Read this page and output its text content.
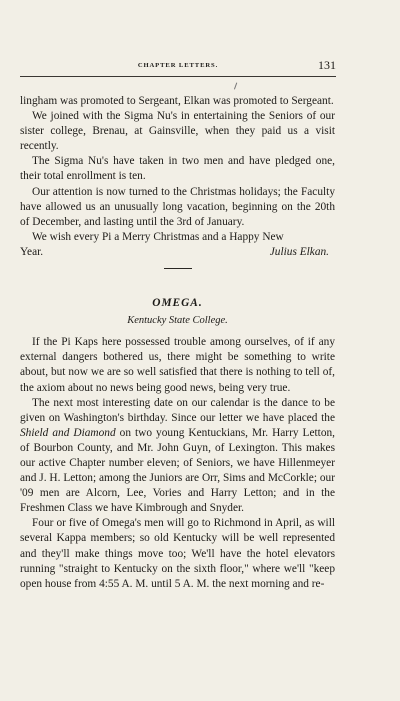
CHAPTER LETTERS.	131

lingham was promoted to Sergeant, Elkan was promoted to Sergeant.

We joined with the Sigma Nu's in entertaining the Seniors of our sister college, Brenau, at Gainsville, when they paid us a visit recently.

The Sigma Nu's have taken in two men and have pledged one, their total enrollment is ten.

Our attention is now turned to the Christmas holidays; the Faculty have allowed us an unusually long vacation, beginning on the 20th of December, and lasting until the 3rd of January.

We wish every Pi a Merry Christmas and a Happy New

Year.	Julius Elkan.

OMEGA.

Kentucky State College.

If the Pi Kaps here possessed trouble among ourselves, of if any external dangers bothered us, there might be something to write about, but now we are so well satisfied that there is nothing to tell of, the axiom about no news being good news, being very true.

The next most interesting date on our calendar is the dance to be given on Washington's birthday. Since our letter we have placed the Shield and Diamond on two young Kentuckians, Mr. Harry Letton, of Bourbon County, and Mr. John Guyn, of Lexington. This makes our active Chapter number eleven; of Seniors, we have Hillenmeyer and J. H. Letton; among the Juniors are Orr, Sims and McCorkle; our '09 men are Alcorn, Lee, Vories and Harry Letton; and in the Freshmen Class we have Kimbrough and Snyder.

Four or five of Omega's men will go to Richmond in April, as will several Kappa members; so old Kentucky will be well represented and they'll make things move too; We'll have the hotel elevators running "straight to Kentucky on the sixth floor," where we'll "keep open house from 4:55 A. M. until 5 A. M. the next morning and re-
